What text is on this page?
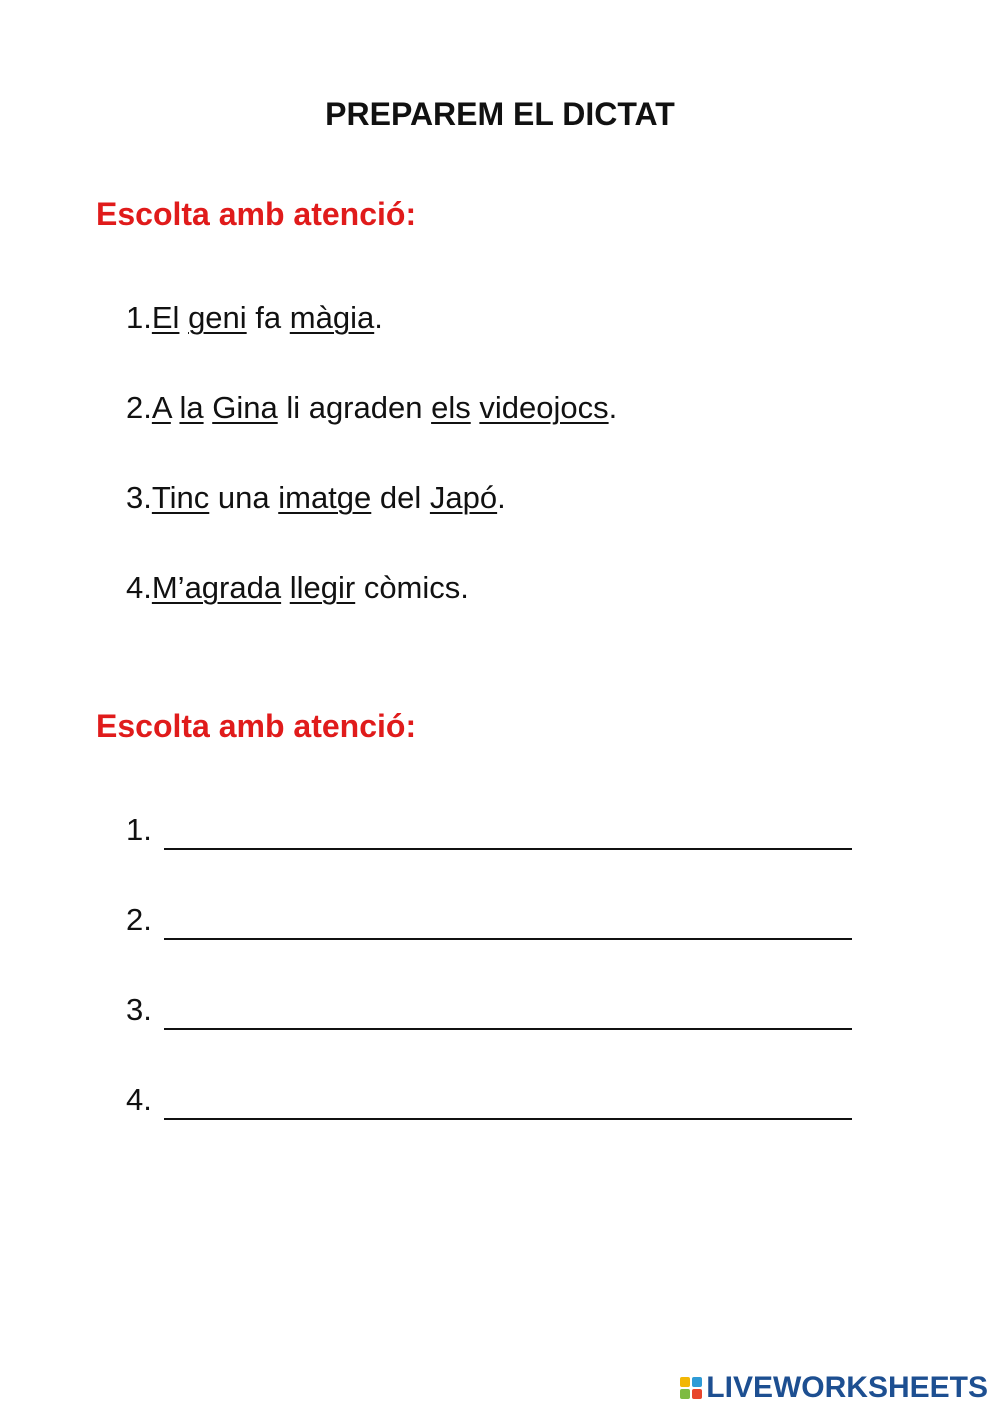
PREPAREM EL DICTAT
Escolta amb atenció:
1.El geni fa màgia.
2.A la Gina li agraden els videojocs.
3.Tinc una imatge del Japó.
4.M’agrada llegir còmics.
Escolta amb atenció:
1.
2.
3.
4.
LIVEWORKSHEETS
